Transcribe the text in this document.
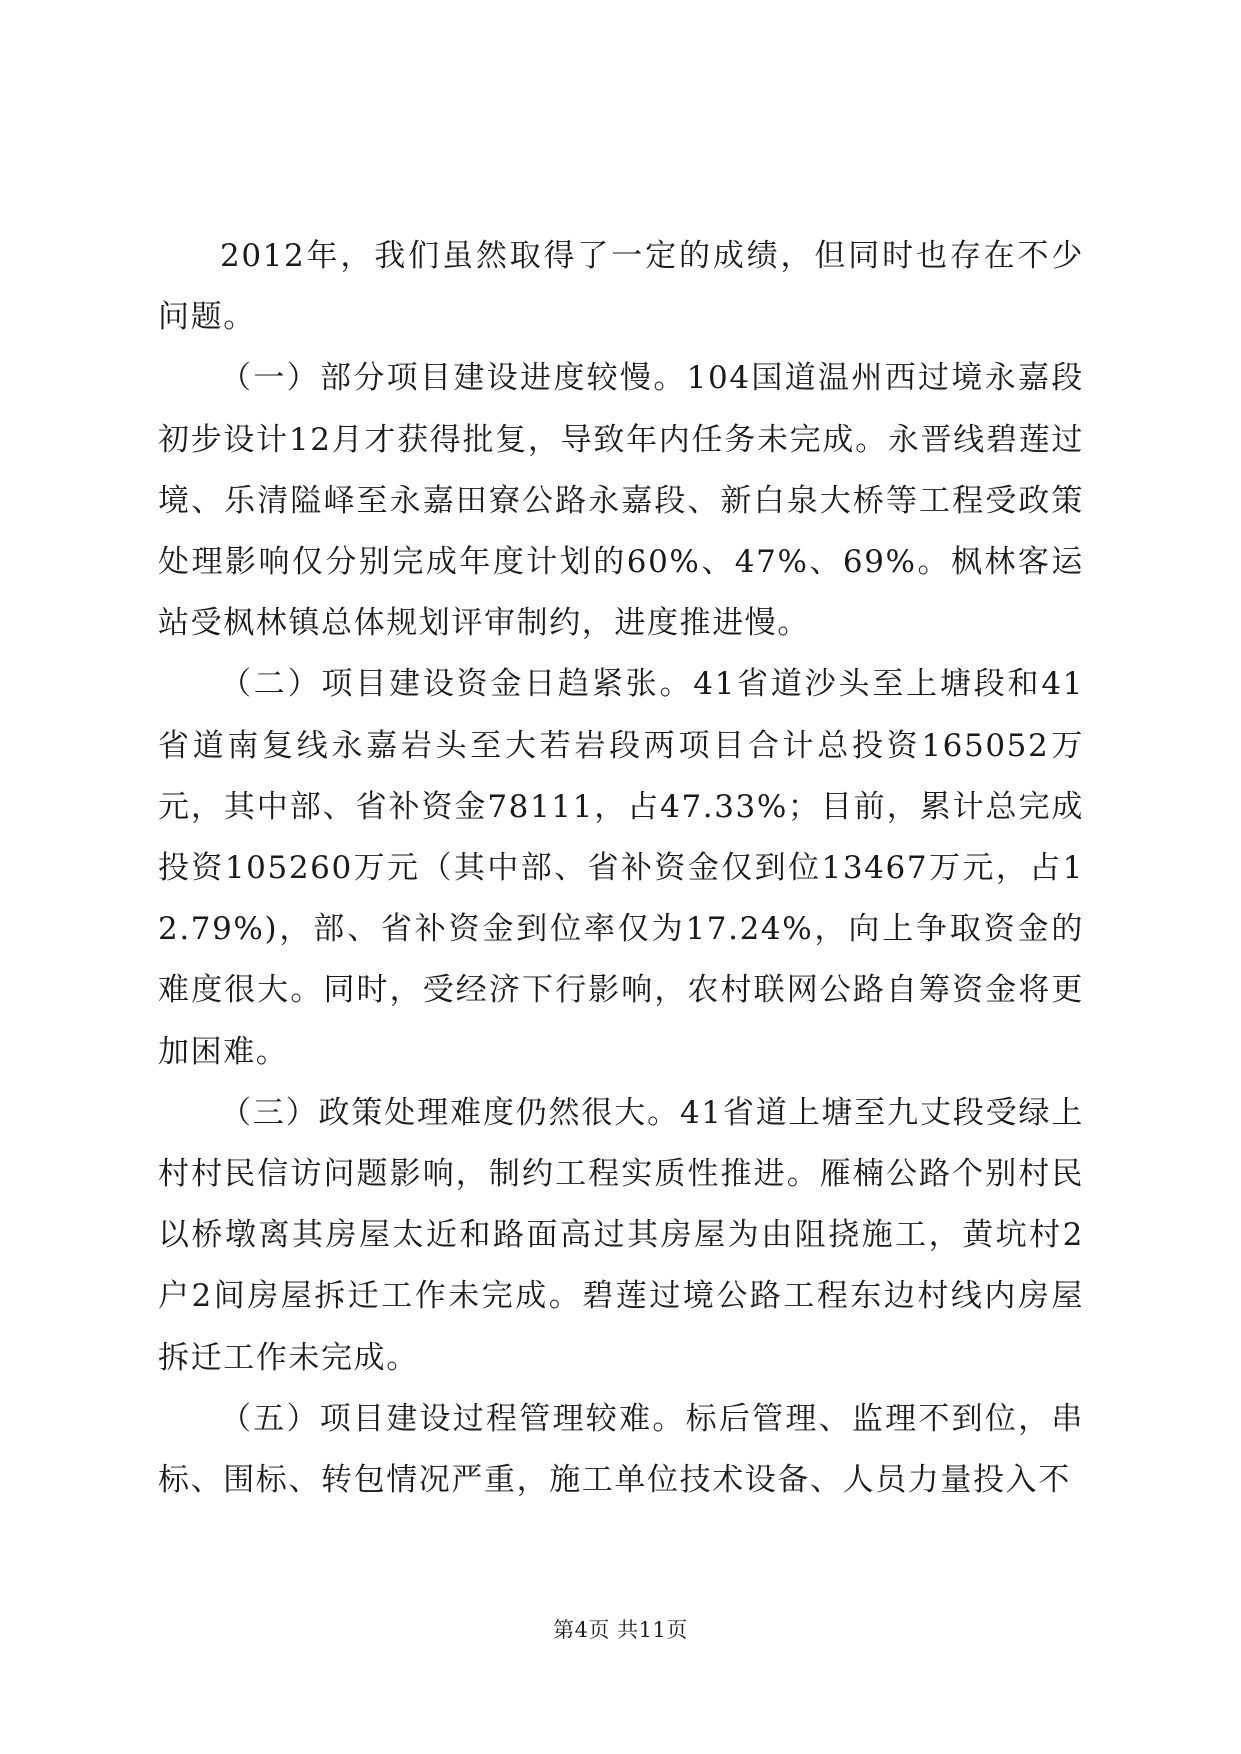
2012年，我们虽然取得了一定的成绩，但同时也存在不少问题。

（一）部分项目建设进度较慢。104国道温州西过境永嘉段初步设计12月才获得批复，导致年内任务未完成。永晋线碧莲过境、乐清隘峄至永嘉田寮公路永嘉段、新白泉大桥等工程受政策处理影响仅分别完成年度计划的60%、47%、69%。枫林客运站受枫林镇总体规划评审制约，进度推进慢。

（二）项目建设资金日趋紧张。41省道沙头至上塘段和41省道南复线永嘉岩头至大若岩段两项目合计总投资165052万元，其中部、省补资金78111，占47.33%；目前，累计总完成投资105260万元（其中部、省补资金仅到位13467万元，占12.79%)，部、省补资金到位率仅为17.24%，向上争取资金的难度很大。同时，受经济下行影响，农村联网公路自筹资金将更加困难。

（三）政策处理难度仍然很大。41省道上塘至九丈段受绿上村村民信访问题影响，制约工程实质性推进。雁楠公路个别村民以桥墩离其房屋太近和路面高过其房屋为由阻挠施工，黄坑村2户2间房屋拆迁工作未完成。碧莲过境公路工程东边村线内房屋拆迁工作未完成。

（五）项目建设过程管理较难。标后管理、监理不到位，串标、围标、转包情况严重，施工单位技术设备、人员力量投入不

第4页 共11页
